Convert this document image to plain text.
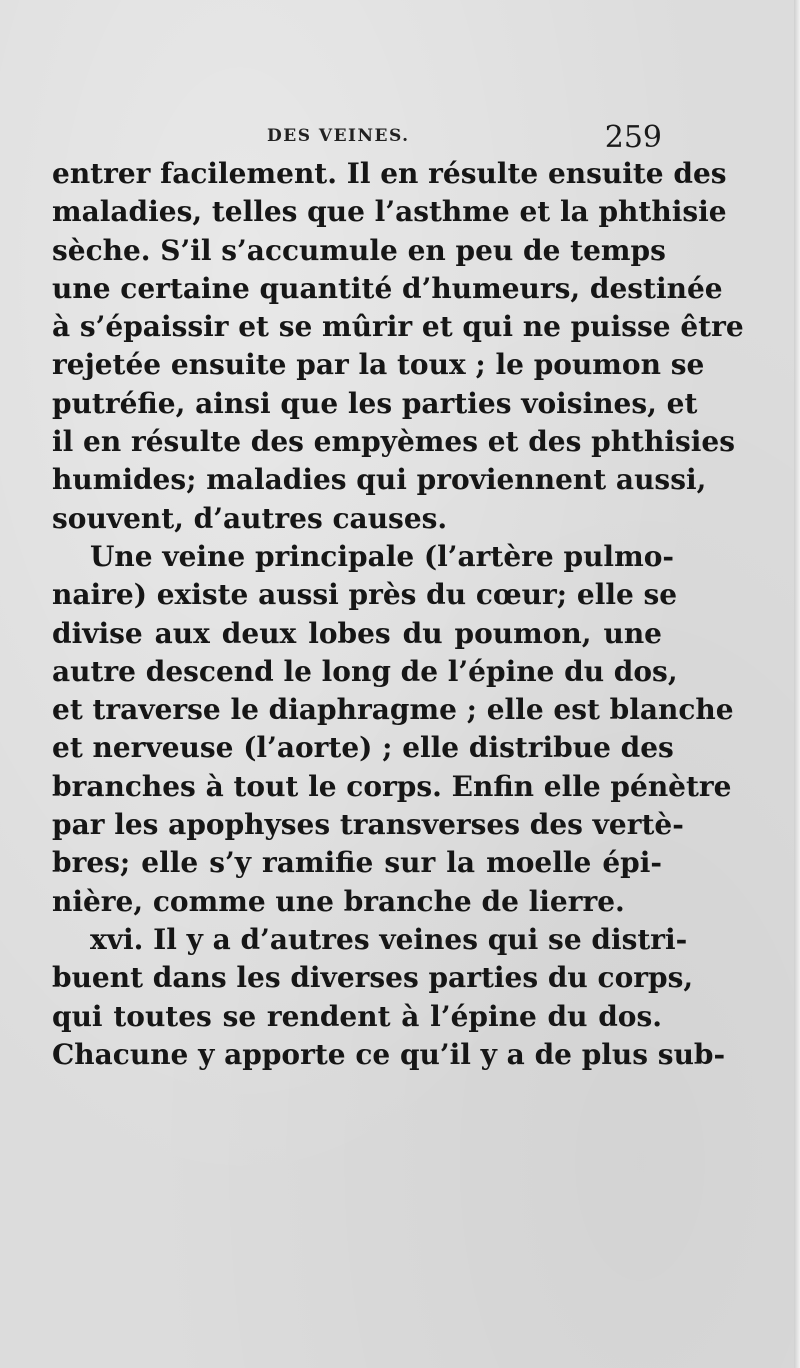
DES VEINES.	259
entrer facilement. Il en résulte ensuite des
maladies, telles que l’asthme et la phthisie
sèche. S’il s’accumule en peu de temps
une certaine quantité d’humeurs, destinée
à s’épaissir et se mûrir et qui ne puisse être
rejetée ensuite par la toux ; le poumon se
putréfie, ainsi que les parties voisines, et
il en résulte des empyèmes et des phthisies
humides; maladies qui proviennent aussi,
souvent, d’autres causes.
Une veine principale (l’artère pulmo-
naire) existe aussi près du cœur; elle se
divise aux deux lobes du poumon, une
autre descend le long de l’épine du dos,
et traverse le diaphragme ; elle est blanche
et nerveuse (l’aorte) ; elle distribue des
branches à tout le corps. Enfin elle pénètre
par les apophyses transverses des vertè-
bres; elle s’y ramifie sur la moelle épi-
nière, comme une branche de lierre.
xvi. Il y a d’autres veines qui se distri-
buent dans les diverses parties du corps,
qui toutes se rendent à l’épine du dos.
Chacune y apporte ce qu’il y a de plus sub-
